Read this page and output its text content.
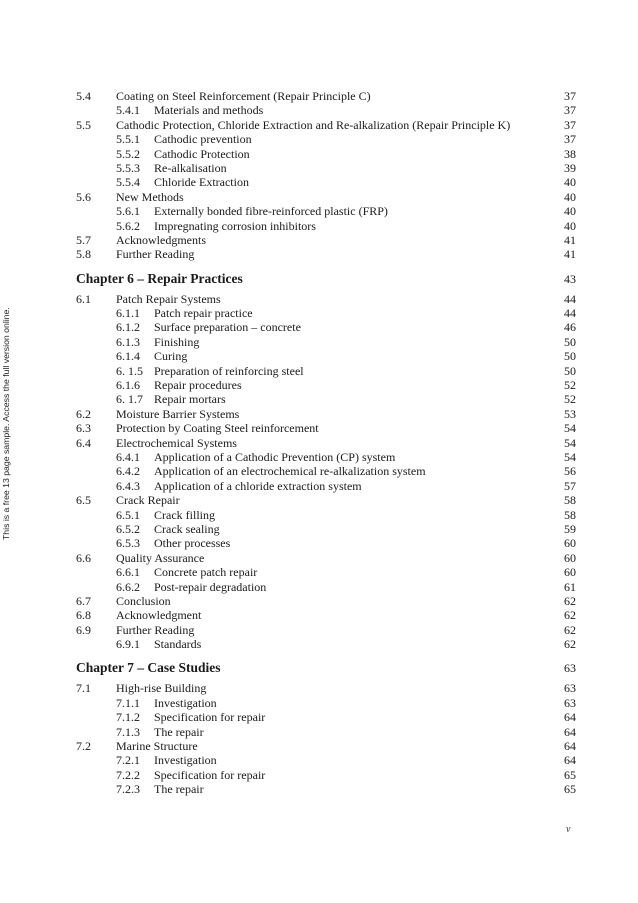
This is a free 13 page sample. Access the full version online.
5.4 Coating on Steel Reinforcement (Repair Principle C)	37
5.4.1 Materials and methods	37
5.5 Cathodic Protection, Chloride Extraction and Re-alkalization (Repair Principle K)	37
5.5.1 Cathodic prevention	37
5.5.2 Cathodic Protection	38
5.5.3 Re-alkalisation	39
5.5.4 Chloride Extraction	40
5.6 New Methods	40
5.6.1 Externally bonded fibre-reinforced plastic (FRP)	40
5.6.2 Impregnating corrosion inhibitors	40
5.7 Acknowledgments	41
5.8 Further Reading	41
Chapter 6 – Repair Practices	43
6.1 Patch Repair Systems	44
6.1.1 Patch repair practice	44
6.1.2 Surface preparation – concrete	46
6.1.3 Finishing	50
6.1.4 Curing	50
6. 1.5 Preparation of reinforcing steel	50
6.1.6 Repair procedures	52
6. 1.7 Repair mortars	52
6.2 Moisture Barrier Systems	53
6.3 Protection by Coating Steel reinforcement	54
6.4 Electrochemical Systems	54
6.4.1 Application of a Cathodic Prevention (CP) system	54
6.4.2 Application of an electrochemical re-alkalization system	56
6.4.3 Application of a chloride extraction system	57
6.5 Crack Repair	58
6.5.1 Crack filling	58
6.5.2 Crack sealing	59
6.5.3 Other processes	60
6.6 Quality Assurance	60
6.6.1 Concrete patch repair	60
6.6.2 Post-repair degradation	61
6.7 Conclusion	62
6.8 Acknowledgment	62
6.9 Further Reading	62
6.9.1 Standards	62
Chapter 7 – Case Studies	63
7.1 High-rise Building	63
7.1.1 Investigation	63
7.1.2 Specification for repair	64
7.1.3 The repair	64
7.2 Marine Structure	64
7.2.1 Investigation	64
7.2.2 Specification for repair	65
7.2.3 The repair	65
v
